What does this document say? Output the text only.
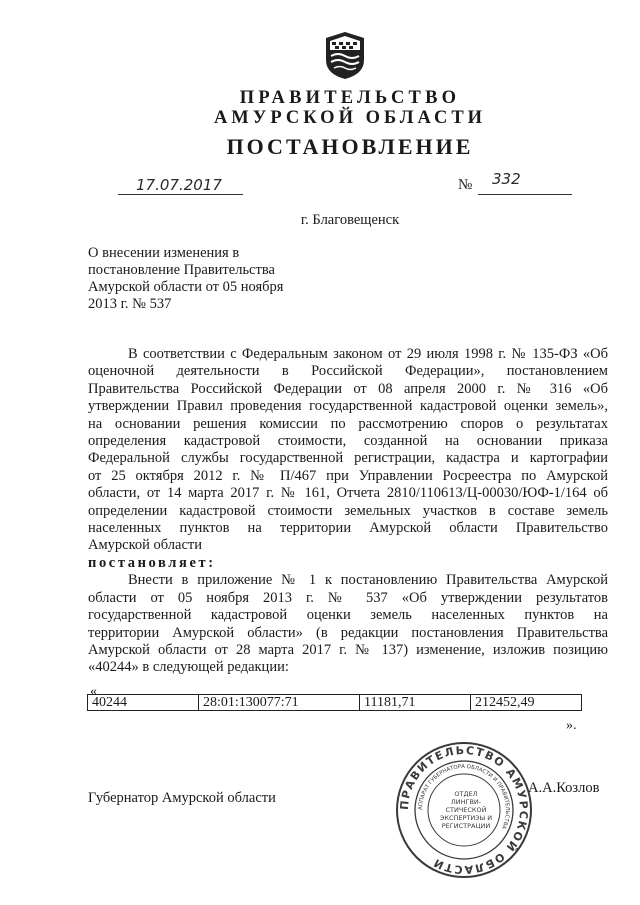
ПРАВИТЕЛЬСТВО
АМУРСКОЙ ОБЛАСТИ
ПОСТАНОВЛЕНИЕ
17.07.2017	№ 332
г. Благовещенск
О внесении изменения в
постановление Правительства
Амурской области от 05 ноября
2013 г. № 537
В соответствии с Федеральным законом от 29 июля 1998 г. № 135-ФЗ «Об
оценочной деятельности в Российской Федерации», постановлением
Правительства Российской Федерации от 08 апреля 2000 г. № 316 «Об
утверждении Правил проведения государственной кадастровой оценки земель»,
на основании решения комиссии по рассмотрению споров о результатах
определения кадастровой стоимости, созданной на основании приказа
Федеральной службы государственной регистрации, кадастра и картографии
от 25 октября 2012 г. № П/467 при Управлении Росреестра по Амурской
области, от 14 марта 2017 г. № 161, Отчета 2810/110613/Ц-00030/ЮФ-1/164 об
определении кадастровой стоимости земельных участков в составе земель
населенных пунктов на территории Амурской области Правительство
Амурской области
постановляет:
Внести в приложение № 1 к постановлению Правительства Амурской
области от 05 ноября 2013 г. № 537 «Об утверждении результатов
государственной кадастровой оценки земель населенных пунктов на
территории Амурской области» (в редакции постановления Правительства
Амурской области от 28 марта 2017 г. № 137) изменение, изложив позицию
«40244» в следующей редакции:
«
40244	28:01:130077:71	11181,71	212452,49
».
Губернатор Амурской области
А.А.Козлов
ПРАВИТЕЛЬСТВО АМУРСКОЙ ОБЛАСТИ
АППАРАТ ГУБЕРНАТОРА ОБЛАСТИ И ПРАВИТЕЛЬСТВА
ОТДЕЛ
ЛИНГВИ-
СТИЧЕСКОЙ
ЭКСПЕРТИЗЫ И
РЕГИСТРАЦИИ
